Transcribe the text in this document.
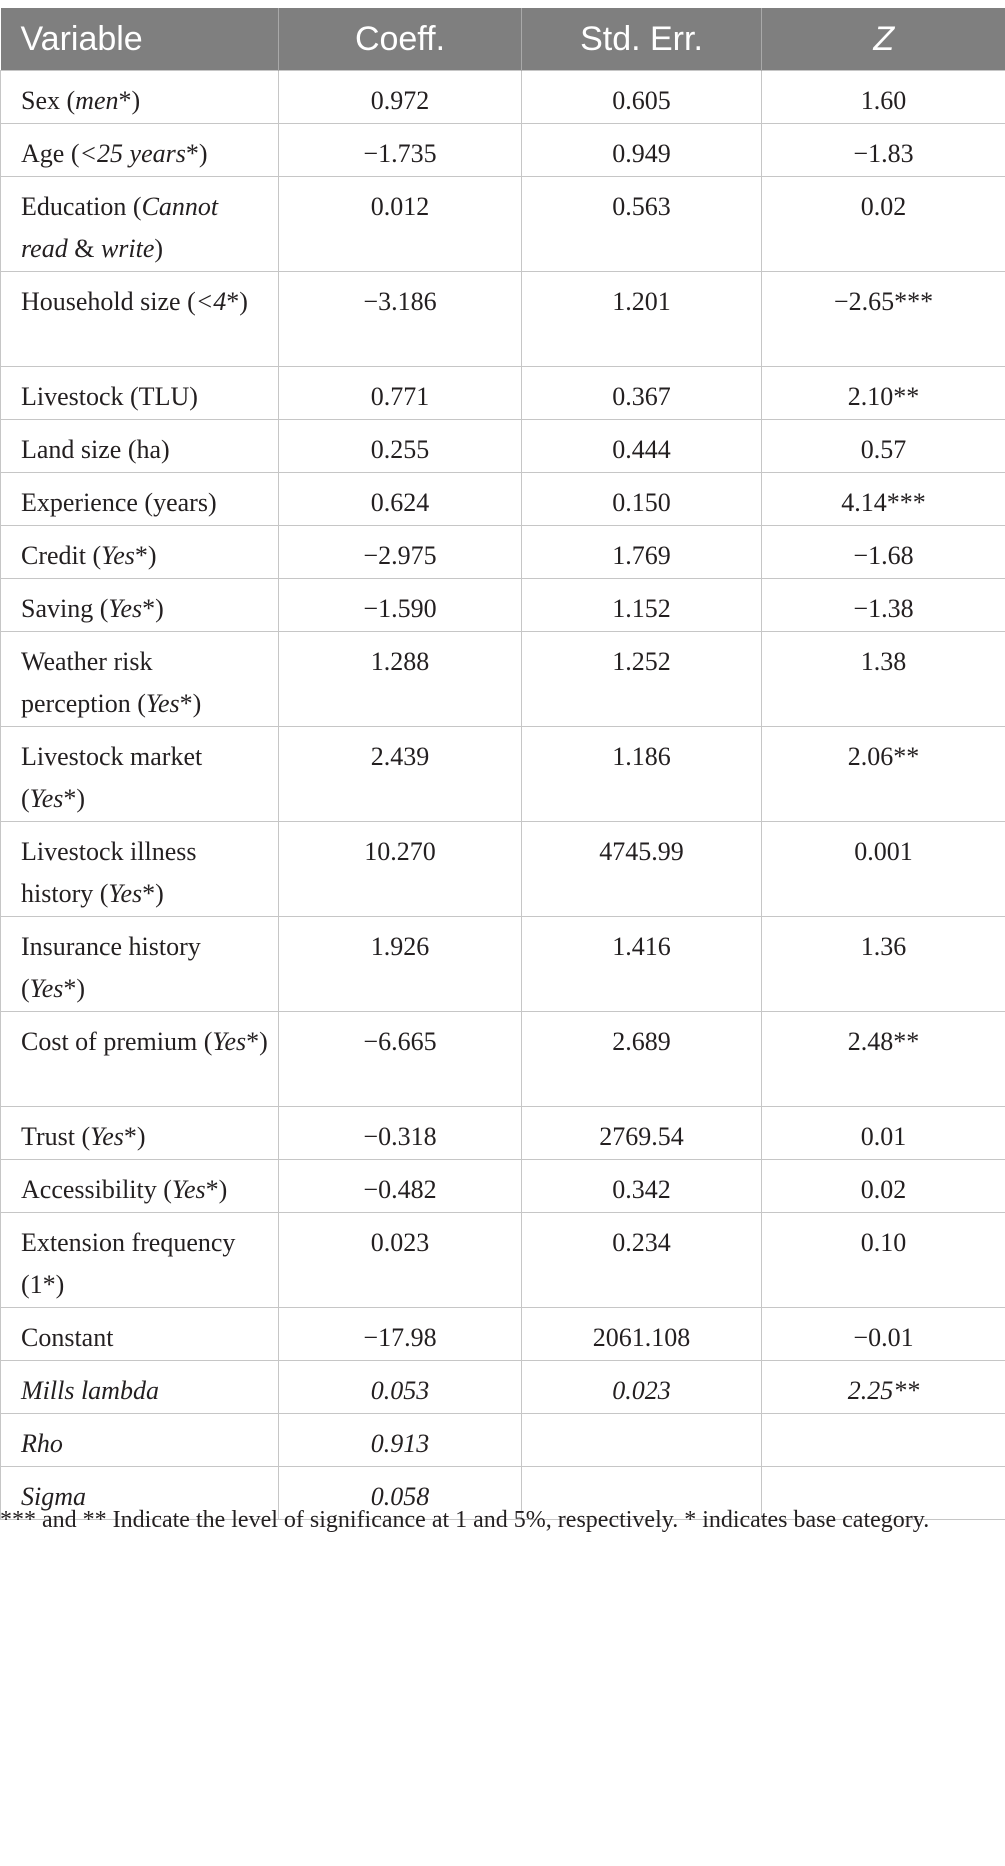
Variable	Coeff.	Std. Err.	Z
Sex (men*)	0.972	0.605	1.60
Age (<25 years*)	−1.735	0.949	−1.83
Education (Cannot read & write)	0.012	0.563	0.02
Household size (<4*)	−3.186	1.201	−2.65***
Livestock (TLU)	0.771	0.367	2.10**
Land size (ha)	0.255	0.444	0.57
Experience (years)	0.624	0.150	4.14***
Credit (Yes*)	−2.975	1.769	−1.68
Saving (Yes*)	−1.590	1.152	−1.38
Weather risk perception (Yes*)	1.288	1.252	1.38
Livestock market (Yes*)	2.439	1.186	2.06**
Livestock illness history (Yes*)	10.270	4745.99	0.001
Insurance history (Yes*)	1.926	1.416	1.36
Cost of premium (Yes*)	−6.665	2.689	2.48**
Trust (Yes*)	−0.318	2769.54	0.01
Accessibility (Yes*)	−0.482	0.342	0.02
Extension frequency (1*)	0.023	0.234	0.10
Constant	−17.98	2061.108	−0.01
Mills lambda	0.053	0.023	2.25**
Rho	0.913		
Sigma	0.058		
*** and ** Indicate the level of significance at 1 and 5%, respectively. * indicates base category.
